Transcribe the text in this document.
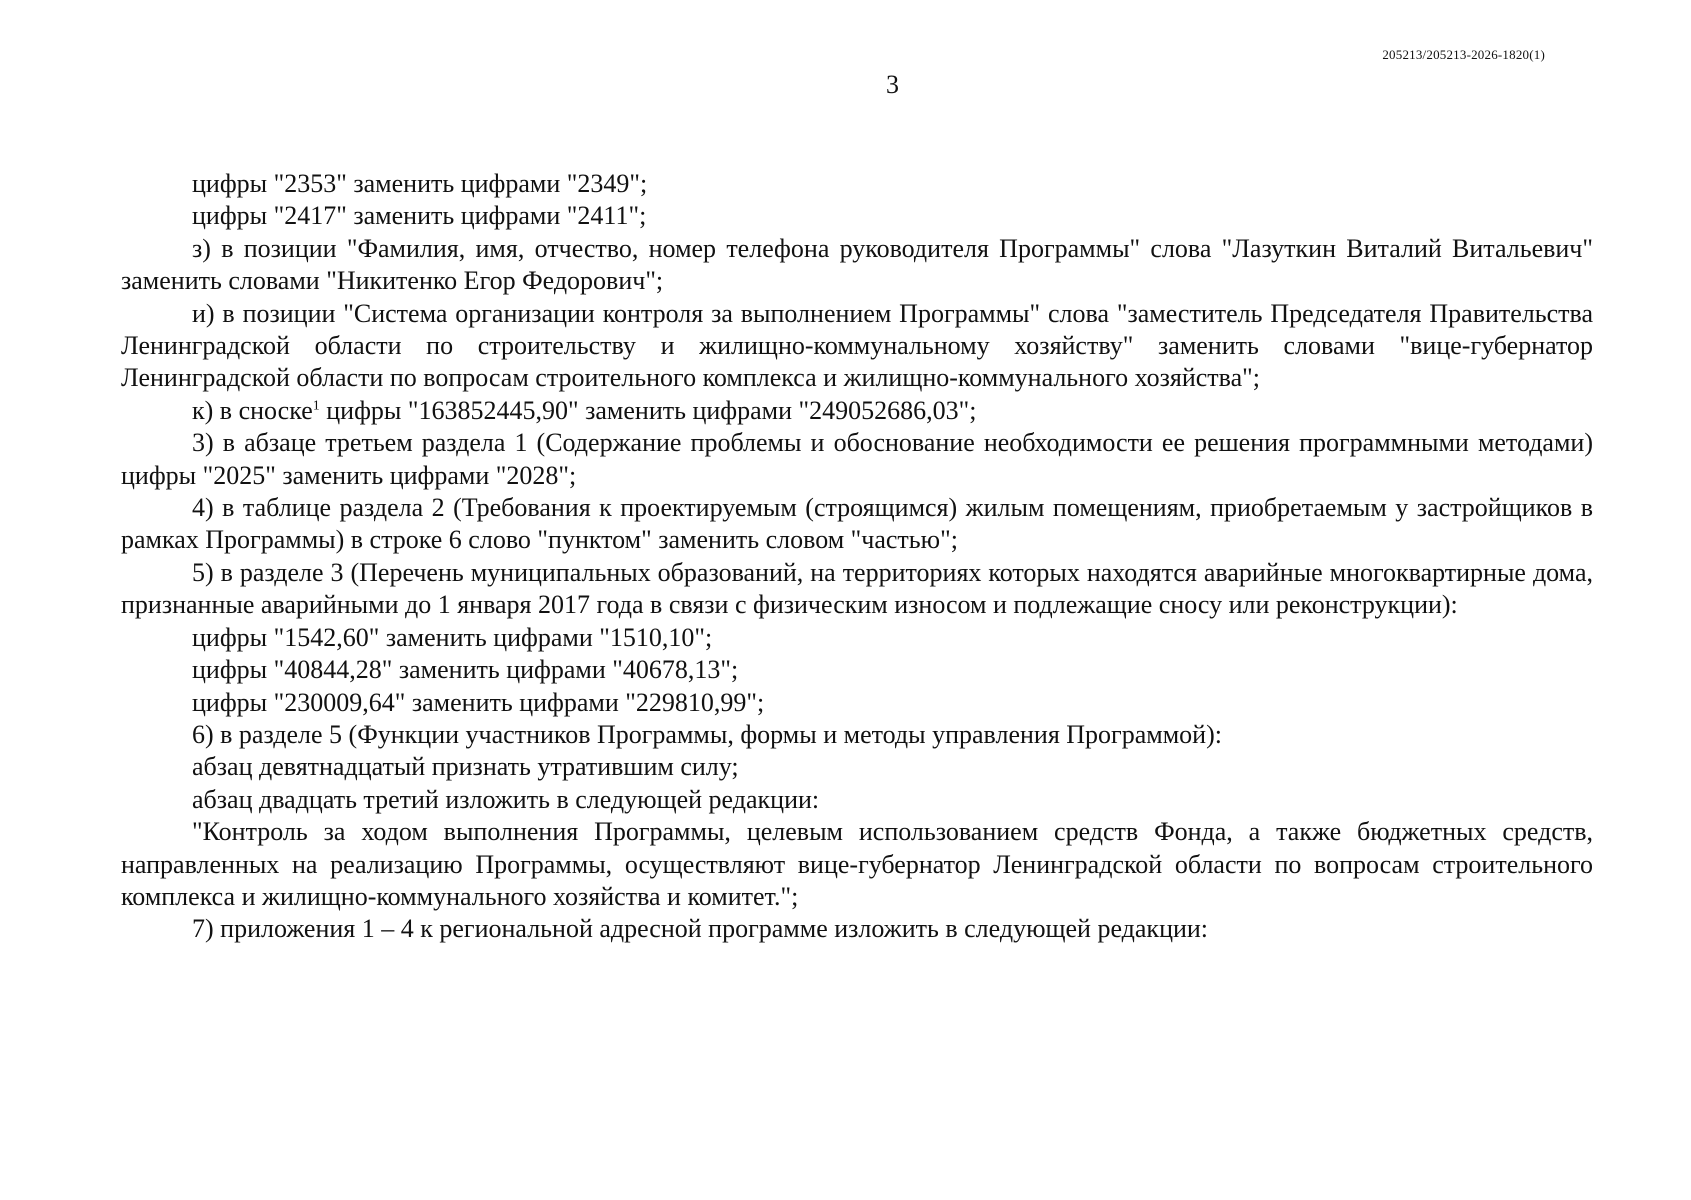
205213/205213-2026-1820(1)
3

цифры "2353" заменить цифрами "2349";

цифры "2417" заменить цифрами "2411";

з) в позиции "Фамилия, имя, отчество, номер телефона руководителя Программы" слова "Лазуткин Виталий Витальевич" заменить словами "Никитенко Егор Федорович";

и) в позиции "Система организации контроля за выполнением Программы" слова "заместитель Председателя Правительства Ленинградской области по строительству и жилищно-коммунальному хозяйству" заменить словами "вице-губернатор Ленинградской области по вопросам строительного комплекса и жилищно-коммунального хозяйства";

к) в сноске$^1$ цифры "163852445,90" заменить цифрами "249052686,03";

3) в абзаце третьем раздела 1 (Содержание проблемы и обоснование необходимости ее решения программными методами) цифры "2025" заменить цифрами "2028";

4) в таблице раздела 2 (Требования к проектируемым (строящимся) жилым помещениям, приобретаемым у застройщиков в рамках Программы) в строке 6 слово "пунктом" заменить словом "частью";

5) в разделе 3 (Перечень муниципальных образований, на территориях которых находятся аварийные многоквартирные дома, признанные аварийными до 1 января 2017 года в связи с физическим износом и подлежащие сносу или реконструкции):

цифры "1542,60" заменить цифрами "1510,10";

цифры "40844,28" заменить цифрами "40678,13";

цифры "230009,64" заменить цифрами "229810,99";

6) в разделе 5 (Функции участников Программы, формы и методы управления Программой):

абзац девятнадцатый признать утратившим силу;

абзац двадцать третий изложить в следующей редакции:

"Контроль за ходом выполнения Программы, целевым использованием средств Фонда, а также бюджетных средств, направленных на реализацию Программы, осуществляют вице-губернатор Ленинградской области по вопросам строительного комплекса и жилищно-коммунального хозяйства и комитет.";

7) приложения 1 – 4 к региональной адресной программе изложить в следующей редакции:
